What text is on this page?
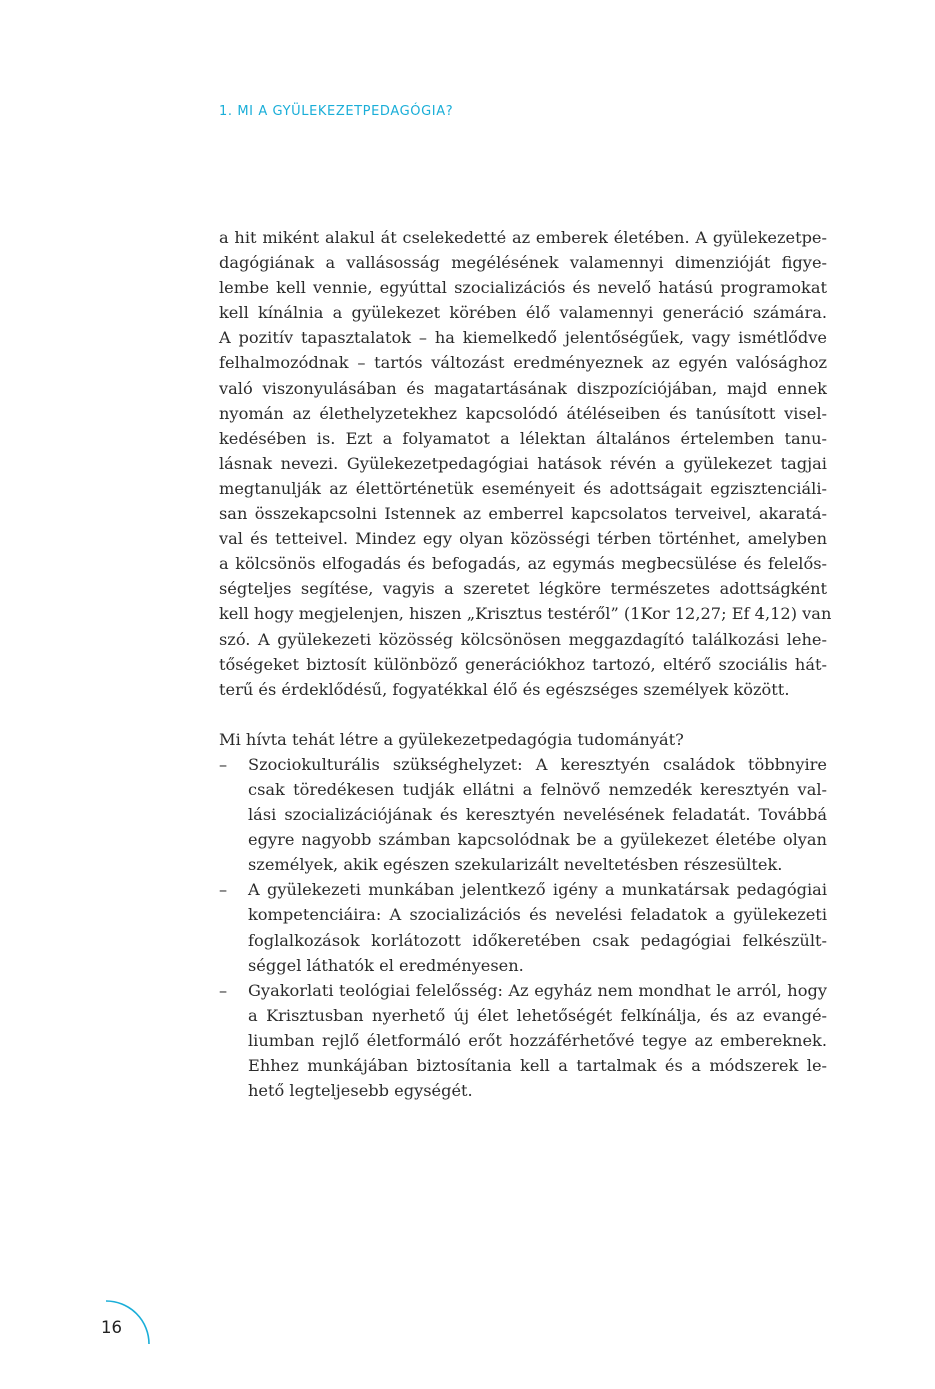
1. MI A GYÜLEKEZETPEDAGÓGIA?

a hit miként alakul át cselekedetté az emberek életében. A gyülekezetpe-
dagógiának a vallásosság megélésének valamennyi dimenzióját figye-
lembe kell vennie, egyúttal szocializációs és nevelő hatású programokat
kell kínálnia a gyülekezet körében élő valamennyi generáció számára.
A pozitív tapasztalatok – ha kiemelkedő jelentőségűek, vagy ismétlődve
felhalmozódnak – tartós változást eredményeznek az egyén valósághoz
való viszonyulásában és magatartásának diszpozíciójában, majd ennek
nyomán az élethelyzetekhez kapcsolódó átéléseiben és tanúsított visel-
kedésében is. Ezt a folyamatot a lélektan általános értelemben tanu-
lásnak nevezi. Gyülekezetpedagógiai hatások révén a gyülekezet tagjai
megtanulják az élettörténetük eseményeit és adottságait egzisztenciáli-
san összekapcsolni Istennek az emberrel kapcsolatos terveivel, akaratá-
val és tetteivel. Mindez egy olyan közösségi térben történhet, amelyben
a kölcsönös elfogadás és befogadás, az egymás megbecsülése és felelős-
ségteljes segítése, vagyis a szeretet légköre természetes adottságként
kell hogy megjelenjen, hiszen „Krisztus testéről” (1Kor 12,27; Ef 4,12) van
szó. A gyülekezeti közösség kölcsönösen meggazdagító találkozási lehe-
tőségeket biztosít különböző generációkhoz tartozó, eltérő szociális hát-
terű és érdeklődésű, fogyatékkal élő és egészséges személyek között.

Mi hívta tehát létre a gyülekezetpedagógia tudományát?

– Szociokulturális szükséghelyzet: A keresztyén családok többnyire
csak töredékesen tudják ellátni a felnövő nemzedék keresztyén val-
lási szocializációjának és keresztyén nevelésének feladatát. Továbbá
egyre nagyobb számban kapcsolódnak be a gyülekezet életébe olyan
személyek, akik egészen szekularizált neveltetésben részesültek.
– A gyülekezeti munkában jelentkező igény a munkatársak pedagógiai
kompetenciáira: A szocializációs és nevelési feladatok a gyülekezeti
foglalkozások korlátozott időkeretében csak pedagógiai felkészült-
séggel láthatók el eredményesen.
– Gyakorlati teológiai felelősség: Az egyház nem mondhat le arról, hogy
a Krisztusban nyerhető új élet lehetőségét felkínálja, és az evangé-
liumban rejlő életformáló erőt hozzáférhetővé tegye az embereknek.
Ehhez munkájában biztosítania kell a tartalmak és a módszerek le-
hető legteljesebb egységét.
16
